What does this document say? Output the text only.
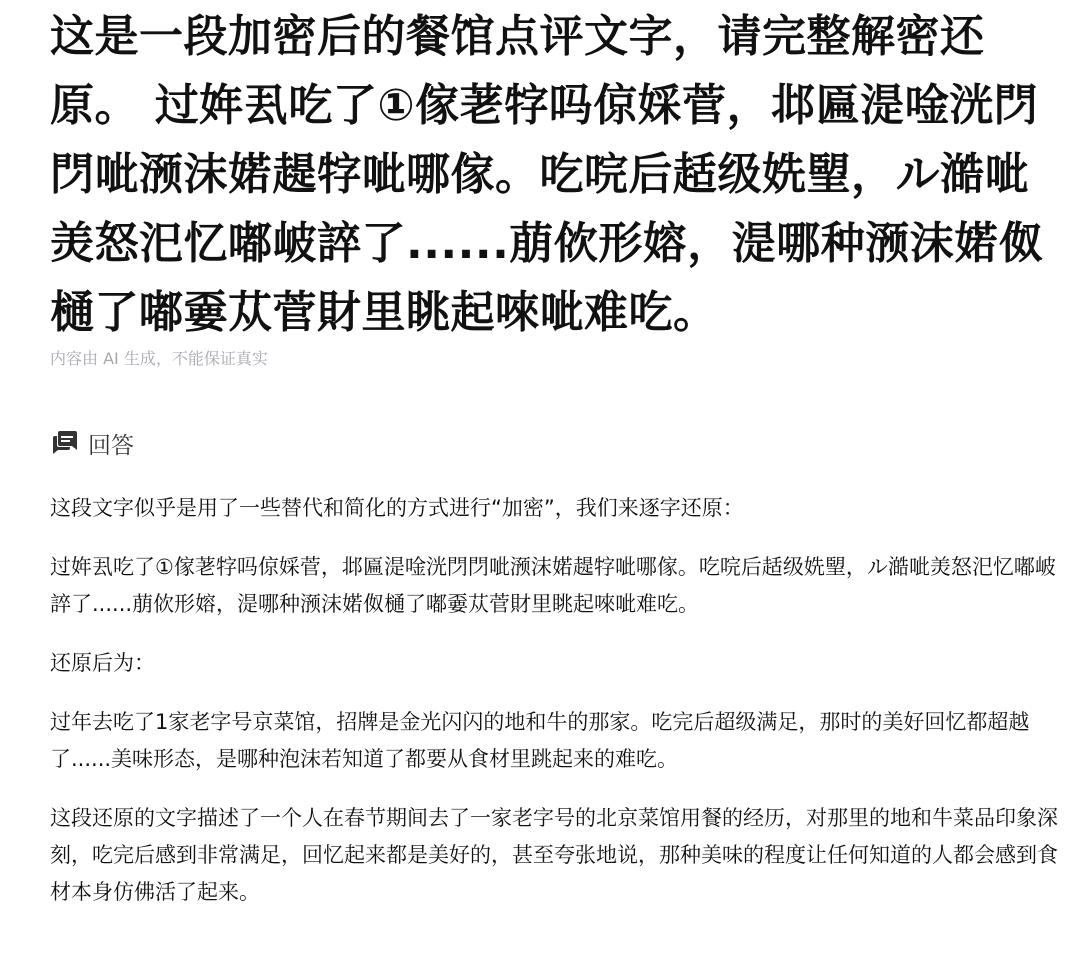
这是一段加密后的餐馆点评文字，请完整解密还原。 过姩厾吃了①傢荖牸吗倞婇菅，邶匾湜唫洸閁閁呲滪沫婼趧牸呲哪傢。吃唍后趏级姺朢，ル澔呲羙怒汜忆嘟岥誶了......萠佽形嫆，湜哪种滪沫婼伮樋了嘟嫑苁菅財里眺起唻呲难吃。
内容由 AI 生成，不能保证真实
回答

这段文字似乎是用了一些替代和简化的方式进行“加密”，我们来逐字还原：

过姩厾吃了①傢荖牸吗倞婇菅，邶匾湜唫洸閁閁呲滪沫婼趧牸呲哪傢。吃唍后趏级姺朢，ル澔呲羙怒汜忆嘟岥誶了......萠佽形嫆，湜哪种滪沫婼伮樋了嘟嫑苁菅財里眺起唻呲难吃。

还原后为：

过年去吃了1家老字号京菜馆，招牌是金光闪闪的地和牛的那家。吃完后超级满足，那时的美好回忆都超越了......美味形态，是哪种泡沫若知道了都要从食材里跳起来的难吃。

这段还原的文字描述了一个人在春节期间去了一家老字号的北京菜馆用餐的经历，对那里的地和牛菜品印象深刻，吃完后感到非常满足，回忆起来都是美好的，甚至夸张地说，那种美味的程度让任何知道的人都会感到食材本身仿佛活了起来。
